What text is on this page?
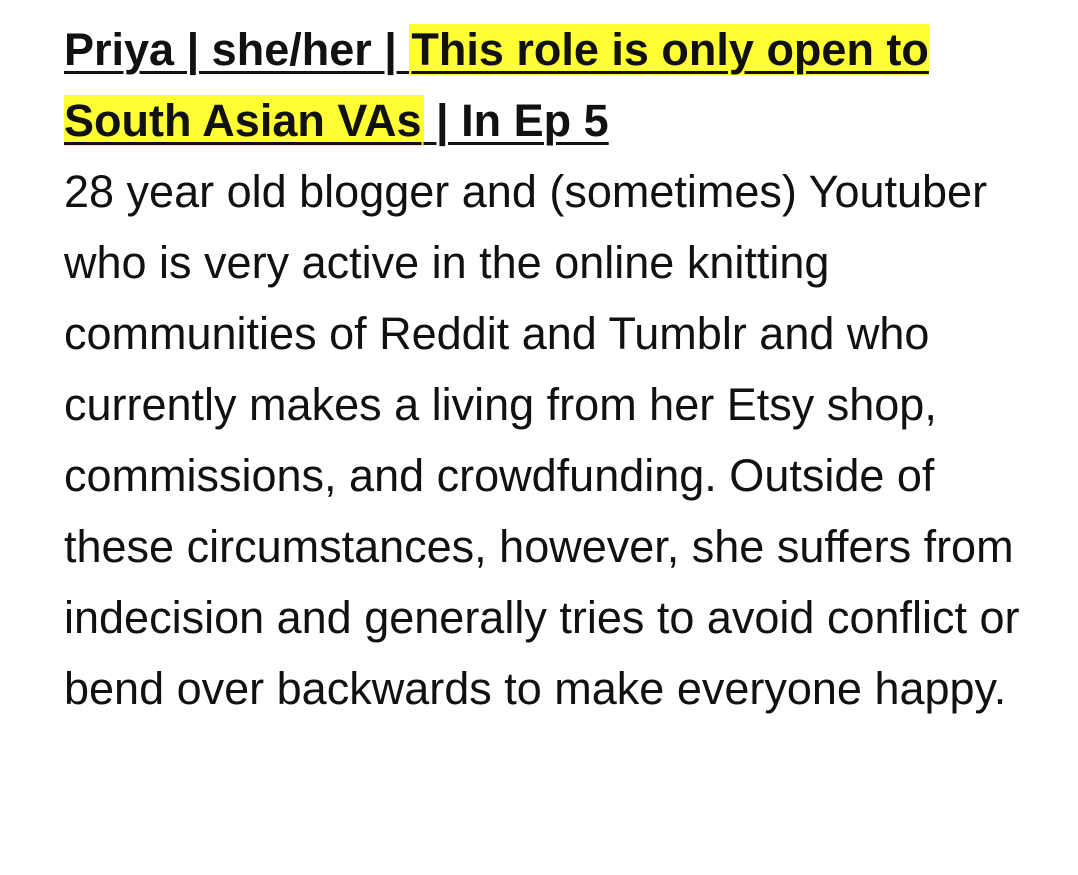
Priya | she/her | This role is only open to South Asian VAs | In Ep 5

28 year old blogger and (sometimes) Youtuber who is very active in the online knitting communities of Reddit and Tumblr and who currently makes a living from her Etsy shop, commissions, and crowdfunding. Outside of these circumstances, however, she suffers from indecision and generally tries to avoid conflict or bend over backwards to make everyone happy.
